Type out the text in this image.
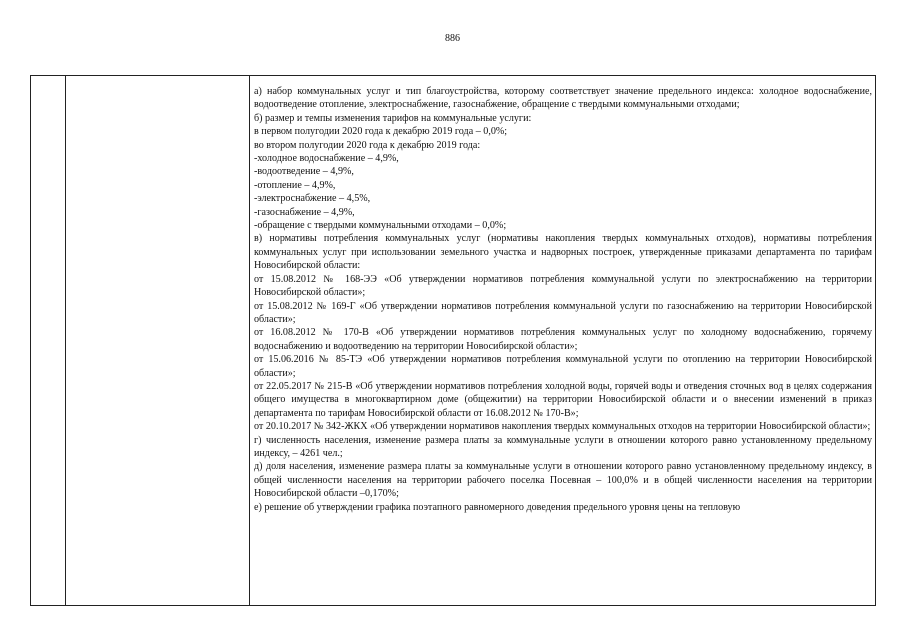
886

а) набор коммунальных услуг и тип благоустройства, которому соответствует значение предельного индекса: холодное водоснабжение, водоотведение отопление, электроснабжение, газоснабжение, обращение с твердыми коммунальными отходами;

б) размер и темпы изменения тарифов на коммунальные услуги:

в первом полугодии 2020 года к декабрю 2019 года – 0,0%;

во втором полугодии 2020 года к декабрю 2019 года:

-холодное водоснабжение – 4,9%,

-водоотведение – 4,9%,

-отопление – 4,9%,

-электроснабжение – 4,5%,

-газоснабжение – 4,9%,

-обращение с твердыми коммунальными отходами – 0,0%;

в) нормативы потребления коммунальных услуг (нормативы накопления твердых коммунальных отходов), нормативы потребления коммунальных услуг при использовании земельного участка и надворных построек, утвержденные приказами департамента по тарифам Новосибирской области:

от 15.08.2012 № 168-ЭЭ «Об утверждении нормативов потребления коммунальной услуги по электроснабжению на территории Новосибирской области»;

от 15.08.2012 № 169-Г «Об утверждении нормативов потребления коммунальной услуги по газоснабжению на территории Новосибирской области»;

от 16.08.2012 № 170-В «Об утверждении нормативов потребления коммунальных услуг по холодному водоснабжению, горячему водоснабжению и водоотведению на территории Новосибирской области»;

от 15.06.2016 № 85-ТЭ «Об утверждении нормативов потребления коммунальной услуги по отоплению на территории Новосибирской области»;

от 22.05.2017 № 215-В «Об утверждении нормативов потребления холодной воды, горячей воды и отведения сточных вод в целях содержания общего имущества в многоквартирном доме (общежитии) на территории Новосибирской области и о внесении изменений в приказ департамента по тарифам Новосибирской области от 16.08.2012 № 170-В»;

от 20.10.2017 № 342-ЖКХ «Об утверждении нормативов накопления твердых коммунальных отходов на территории Новосибирской области»;

г) численность населения, изменение размера платы за коммунальные услуги в отношении которого равно установленному предельному индексу, – 4261 чел.;

д) доля населения, изменение размера платы за коммунальные услуги в отношении которого равно установленному предельному индексу, в общей численности населения на территории рабочего поселка Посевная – 100,0% и в общей численности населения на территории Новосибирской области –0,170%;

е) решение об утверждении графика поэтапного равномерного доведения предельного уровня цены на тепловую
